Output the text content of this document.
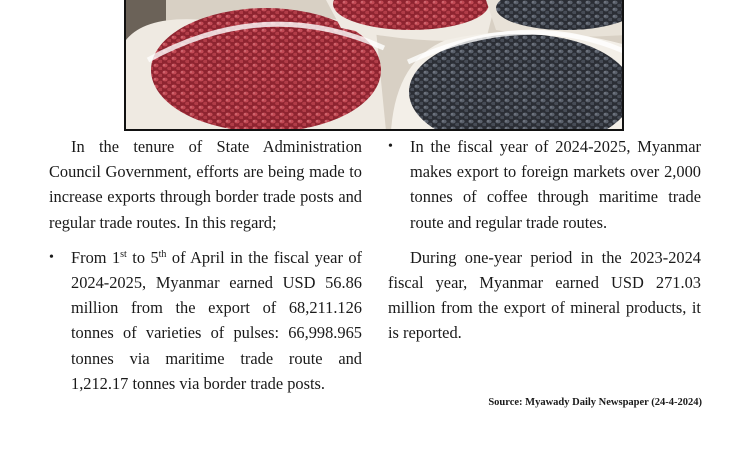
In the tenure of State Administration Council Government, efforts are being made to increase exports through border trade posts and regular trade routes. In this regard;

• From 1st to 5th of April in the fiscal year of 2024-2025, Myanmar earned USD 56.86 million from the export of 68,211.126 tonnes of varieties of pulses: 66,998.965 tonnes via maritime trade route and 1,212.17 tonnes via border trade posts.

• In the fiscal year of 2024-2025, Myanmar makes export to foreign markets over 2,000 tonnes of coffee through maritime trade route and regular trade routes.

During one-year period in the 2023-2024 fiscal year, Myanmar earned USD 271.03 million from the export of mineral products, it is reported.

Source: Myawady Daily Newspaper (24-4-2024)
